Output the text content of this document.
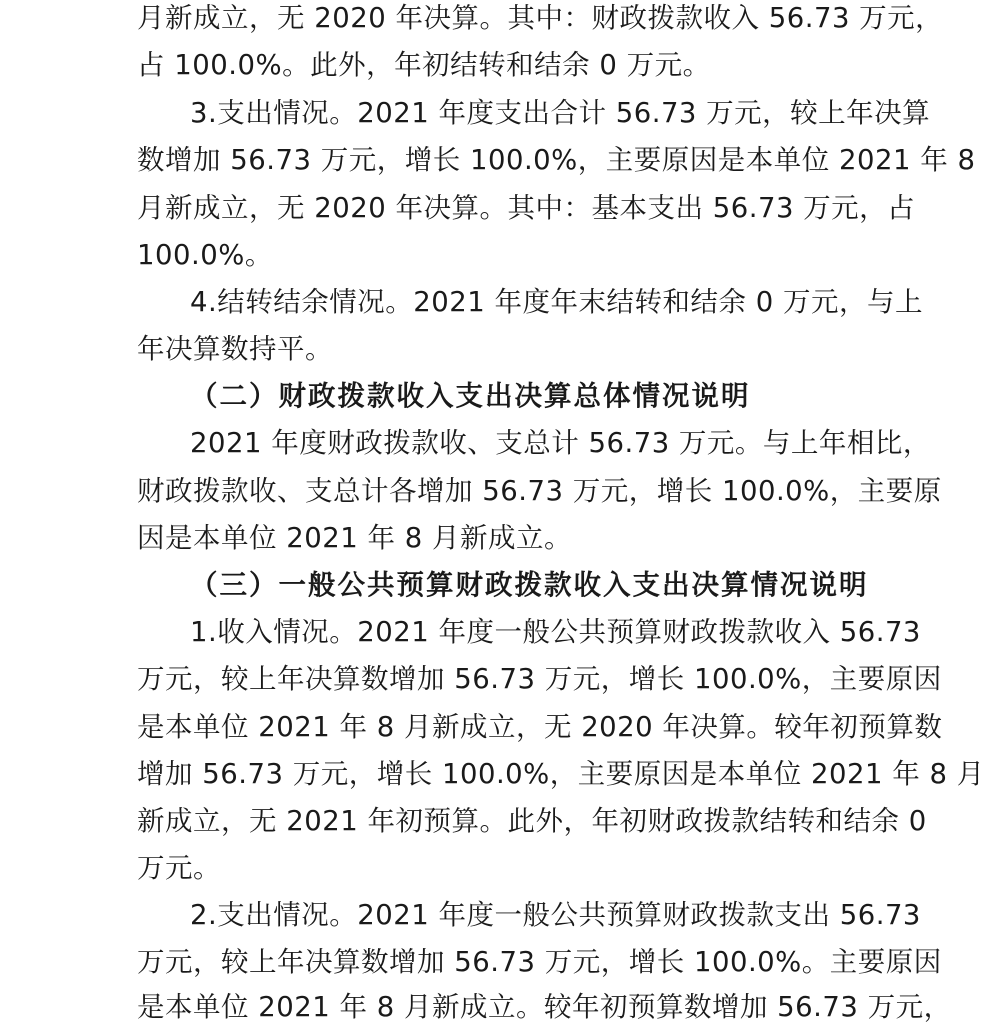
月新成立，无 2020 年决算。其中：财政拨款收入 56.73 万元，
占 100.0%。此外，年初结转和结余 0 万元。
3.支出情况。2021 年度支出合计 56.73 万元，较上年决算
数增加 56.73 万元，增长 100.0%，主要原因是本单位 2021 年 8
月新成立，无 2020 年决算。其中：基本支出 56.73 万元，占
100.0%。
4.结转结余情况。2021 年度年末结转和结余 0 万元，与上
年决算数持平。
（二）财政拨款收入支出决算总体情况说明
2021 年度财政拨款收、支总计 56.73 万元。与上年相比，
财政拨款收、支总计各增加 56.73 万元，增长 100.0%，主要原
因是本单位 2021 年 8 月新成立。
（三）一般公共预算财政拨款收入支出决算情况说明
1.收入情况。2021 年度一般公共预算财政拨款收入 56.73
万元，较上年决算数增加 56.73 万元，增长 100.0%，主要原因
是本单位 2021 年 8 月新成立，无 2020 年决算。较年初预算数
增加 56.73 万元，增长 100.0%，主要原因是本单位 2021 年 8 月
新成立，无 2021 年初预算。此外，年初财政拨款结转和结余 0
万元。
2.支出情况。2021 年度一般公共预算财政拨款支出 56.73
万元，较上年决算数增加 56.73 万元，增长 100.0%。主要原因
是本单位 2021 年 8 月新成立。较年初预算数增加 56.73 万元，
